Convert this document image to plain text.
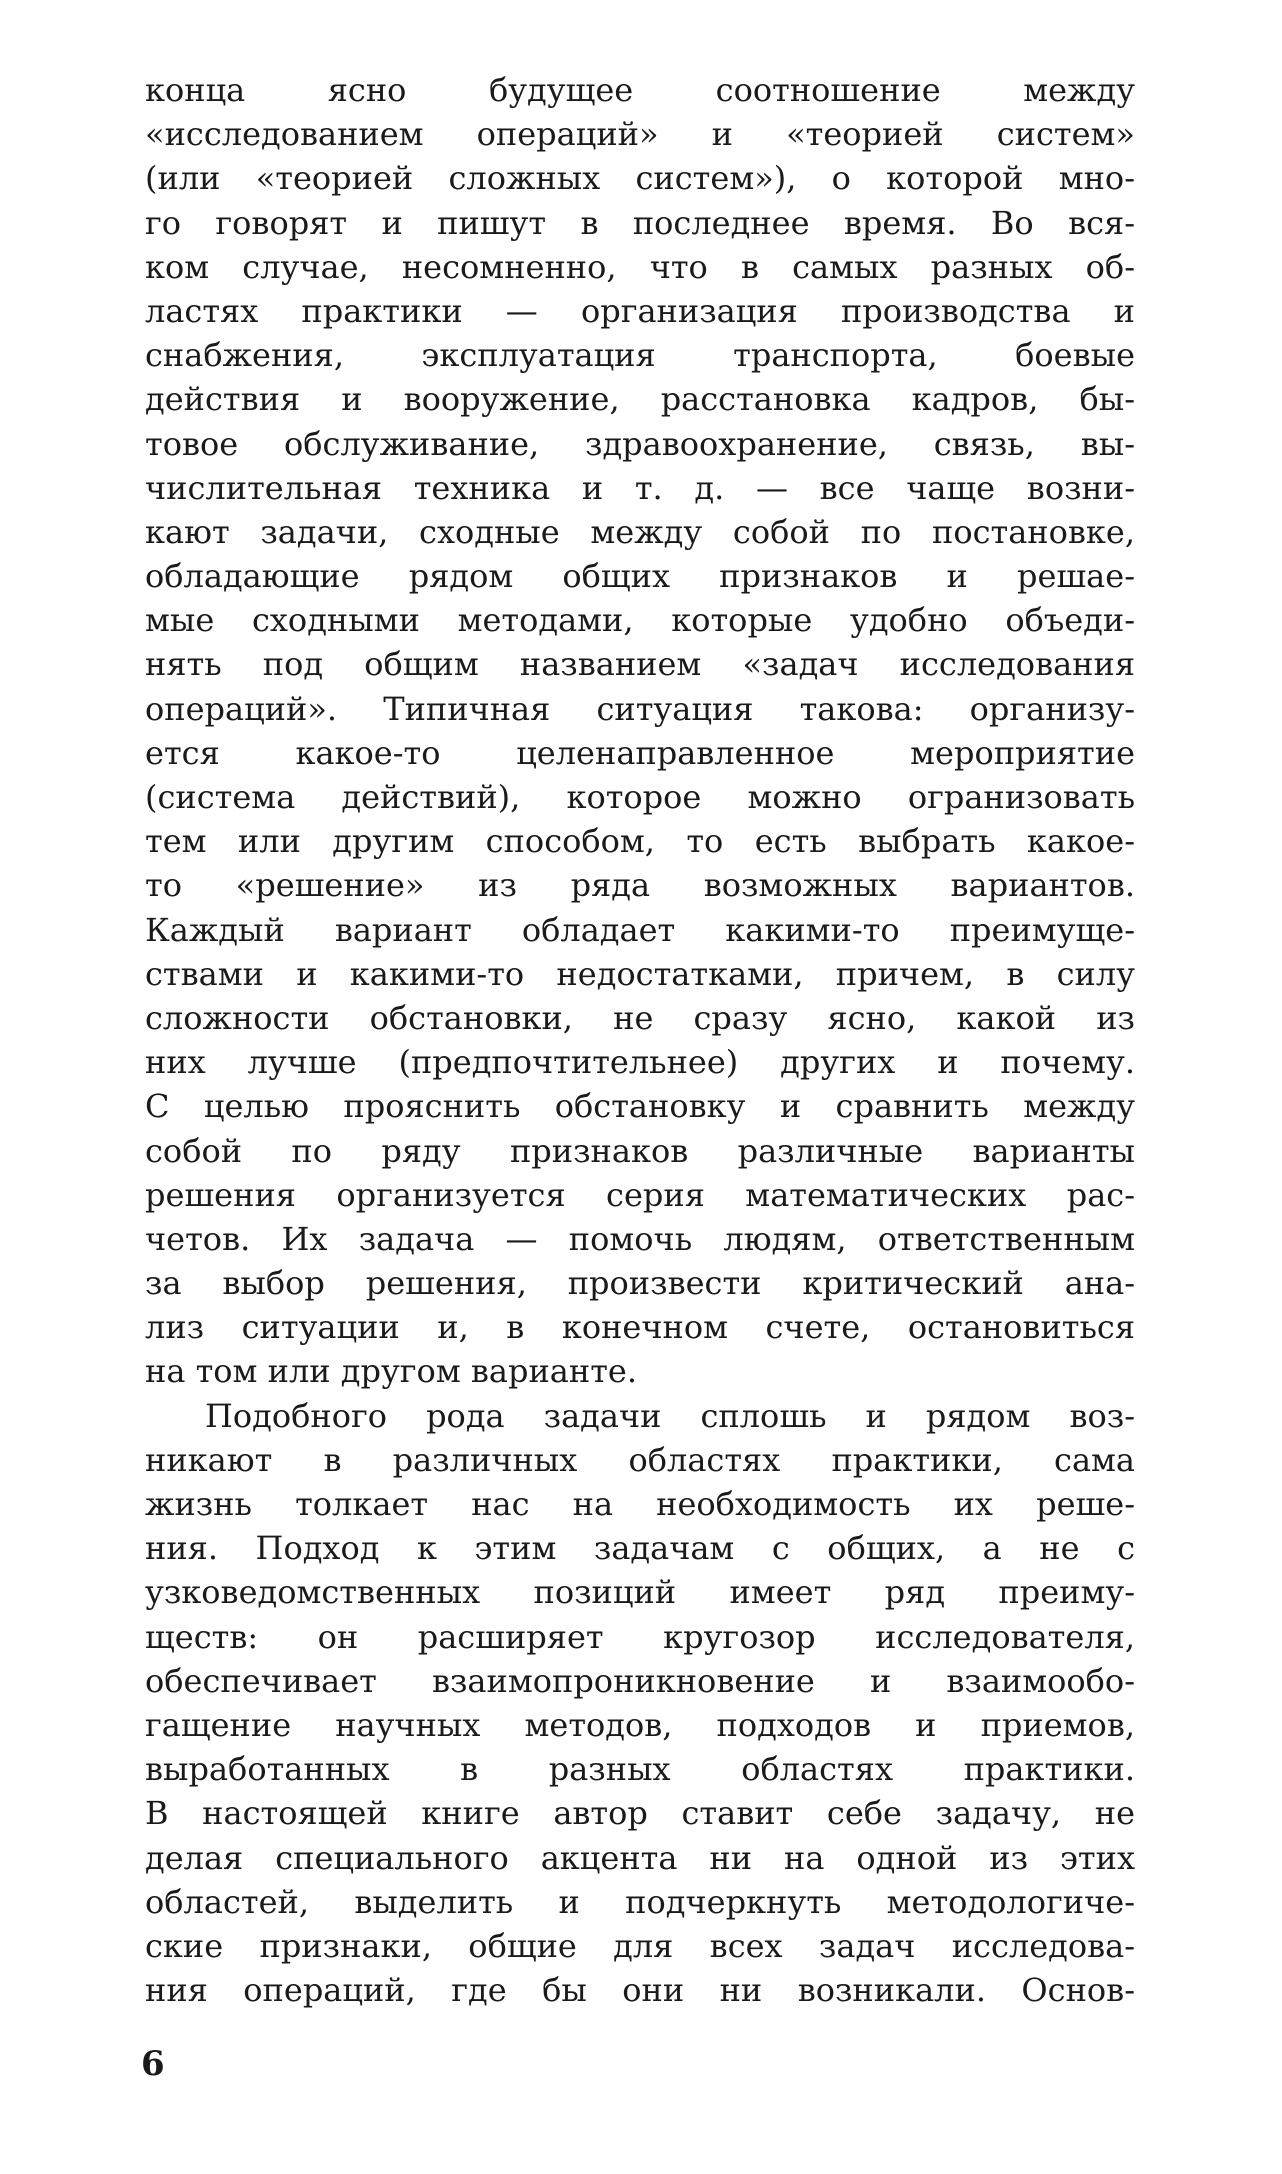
конца ясно будущее соотношение между
«исследованием операций» и «теорией систем»
(или «теорией сложных систем»), о которой мно-
го говорят и пишут в последнее время. Во вся-
ком случае, несомненно, что в самых разных об-
ластях практики — организация производства и
снабжения, эксплуатация транспорта, боевые
действия и вооружение, расстановка кадров, бы-
товое обслуживание, здравоохранение, связь, вы-
числительная техника и т. д. — все чаще возни-
кают задачи, сходные между собой по постановке,
обладающие рядом общих признаков и решае-
мые сходными методами, которые удобно объеди-
нять под общим названием «задач исследования
операций». Типичная ситуация такова: организу-
ется какое-то целенаправленное мероприятие
(система действий), которое можно огранизовать
тем или другим способом, то есть выбрать какое-
то «решение» из ряда возможных вариантов.
Каждый вариант обладает какими-то преимуще-
ствами и какими-то недостатками, причем, в силу
сложности обстановки, не сразу ясно, какой из
них лучше (предпочтительнее) других и почему.
С целью прояснить обстановку и сравнить между
собой по ряду признаков различные варианты
решения организуется серия математических рас-
четов. Их задача — помочь людям, ответственным
за выбор решения, произвести критический ана-
лиз ситуации и, в конечном счете, остановиться
на том или другом варианте.
Подобного рода задачи сплошь и рядом воз-
никают в различных областях практики, сама
жизнь толкает нас на необходимость их реше-
ния. Подход к этим задачам с общих, а не с
узковедомственных позиций имеет ряд преиму-
ществ: он расширяет кругозор исследователя,
обеспечивает взаимопроникновение и взаимообо-
гащение научных методов, подходов и приемов,
выработанных в разных областях практики.
В настоящей книге автор ставит себе задачу, не
делая специального акцента ни на одной из этих
областей, выделить и подчеркнуть методологиче-
ские признаки, общие для всех задач исследова-
ния операций, где бы они ни возникали. Основ-
6
